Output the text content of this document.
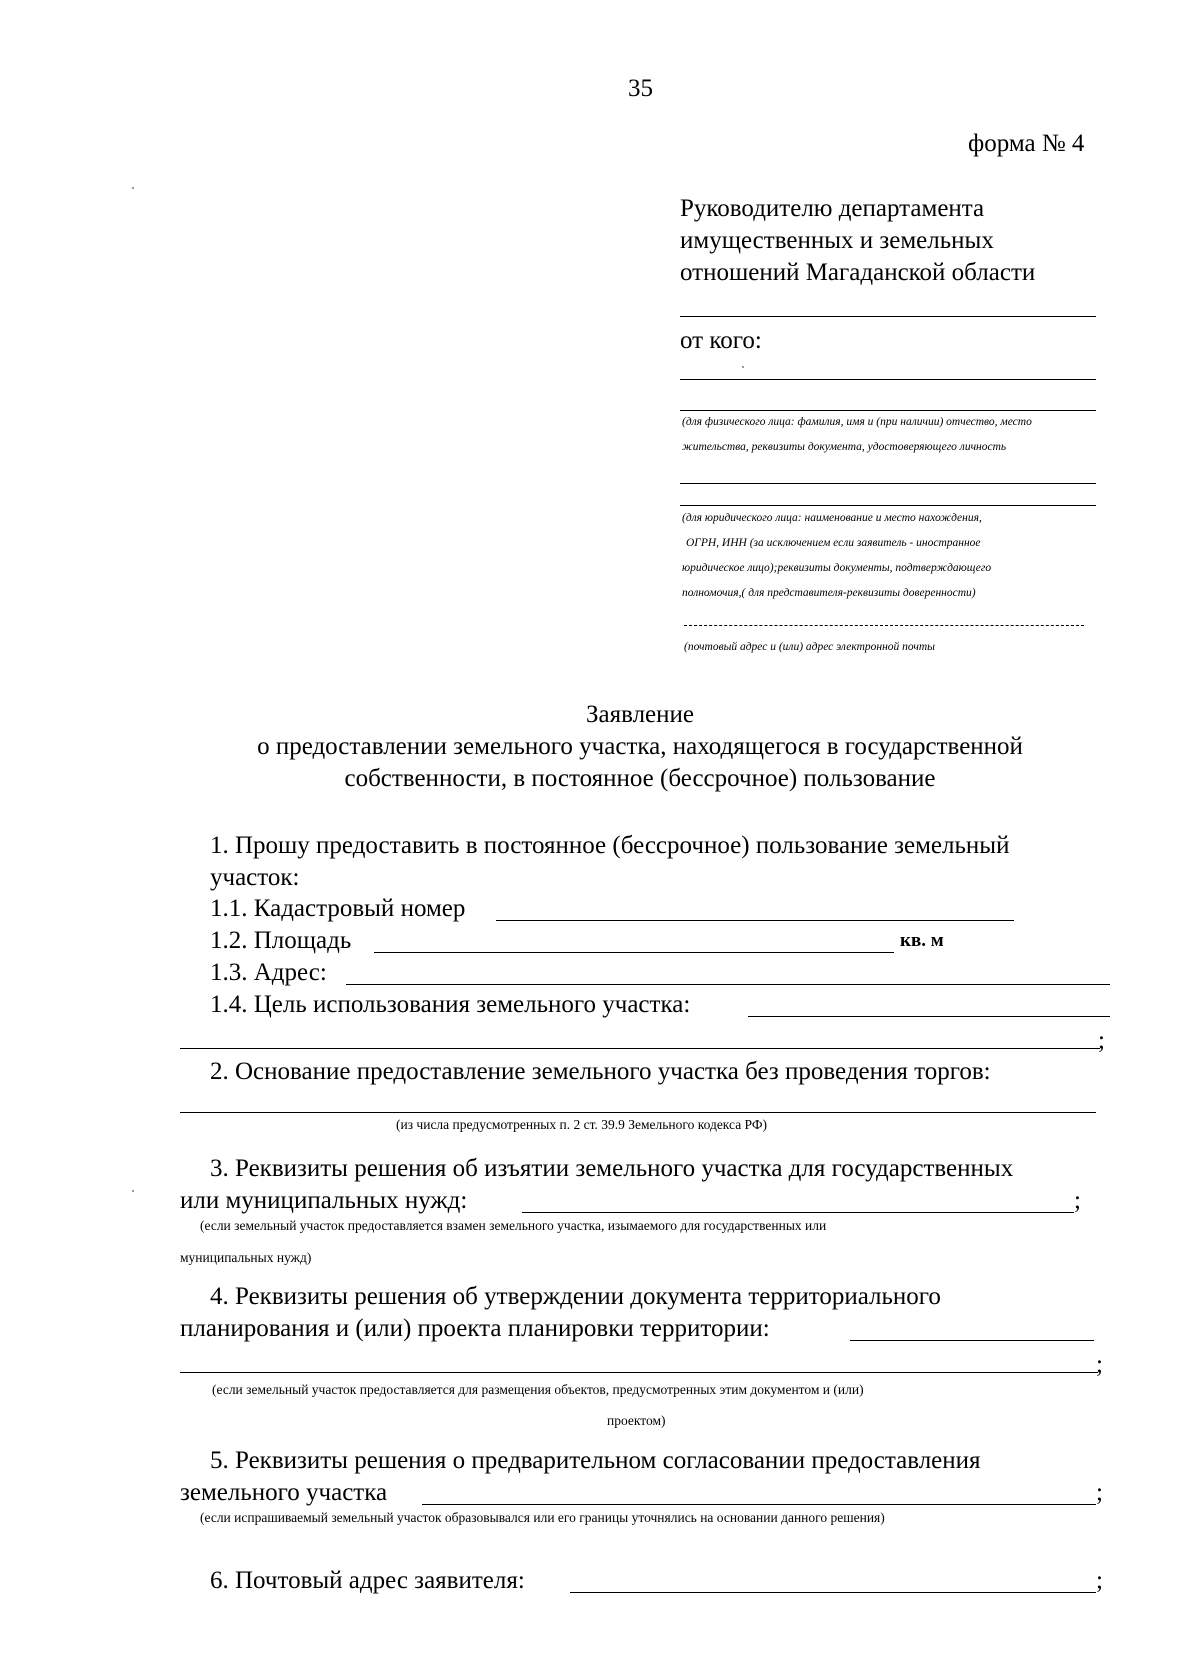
35
форма № 4
Руководителю департамента
имущественных и земельных
отношений Магаданской области
от кого:
(для физического лица: фамилия, имя и (при наличии) отчество, место
жительства, реквизиты документа, удостоверяющего личность
(для юридического лица: наименование и место нахождения,
ОГРН, ИНН (за исключением если заявитель - иностранное
юридическое лицо);реквизиты документы, подтверждающего
полномочия,( для представителя-реквизиты доверенности)
(почтовый адрес и (или) адрес электронной почты
Заявление
о предоставлении земельного участка, находящегося в государственной
собственности, в постоянное (бессрочное) пользование
1. Прошу предоставить в постоянное (бессрочное) пользование земельный
участок:
1.1. Кадастровый номер
1.2. Площадь	кв. м
1.3. Адрес:
1.4. Цель использования земельного участка:
;
2. Основание предоставление земельного участка без проведения торгов:
(из числа предусмотренных п. 2 ст. 39.9 Земельного кодекса РФ)
3. Реквизиты решения об изъятии земельного участка для государственных
или муниципальных нужд:	;
(если земельный участок предоставляется взамен земельного участка, изымаемого для государственных или
муниципальных нужд)
4. Реквизиты решения об утверждении документа территориального
планирования и (или) проекта планировки территории:
;
(если земельный участок предоставляется для размещения объектов, предусмотренных этим документом и (или)
проектом)
5. Реквизиты решения о предварительном согласовании предоставления
земельного участка	;
(если испрашиваемый земельный участок образовывался или его границы уточнялись на основании данного решения)
6. Почтовый адрес заявителя:	;
